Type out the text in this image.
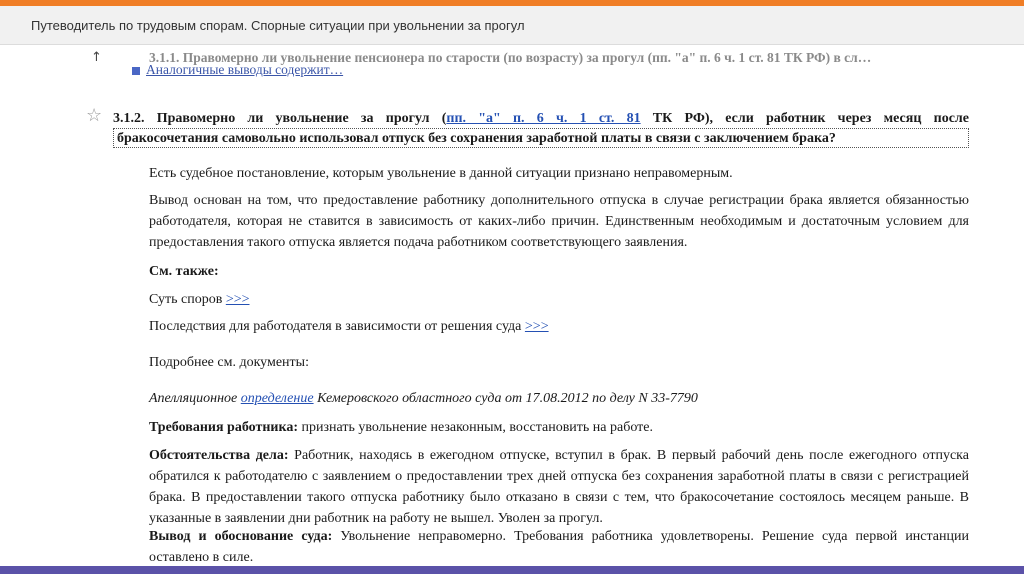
Путеводитель по трудовым спорам. Спорные ситуации при увольнении за прогул
↑	3.1.1. Правомерно ли увольнение пенсионера по старости (по возрасту) за прогул (пп. "а" п. 6 ч. 1 ст. 81 ТК РФ) в сл…
Аналогичные выводы содержит…
☆ 3.1.2. Правомерно ли увольнение за прогул (пп. "а" п. 6 ч. 1 ст. 81 ТК РФ), если работник через месяц после
бракосочетания самовольно использовал отпуск без сохранения заработной платы в связи с заключением брака?
Есть судебное постановление, которым увольнение в данной ситуации признано неправомерным.
Вывод основан на том, что предоставление работнику дополнительного отпуска в случае регистрации брака является обязанностью работодателя, которая не ставится в зависимость от каких-либо причин. Единственным необходимым и достаточным условием для предоставления такого отпуска является подача работником соответствующего заявления.
См. также:
Суть споров >>>
Последствия для работодателя в зависимости от решения суда >>>
Подробнее см. документы:
Апелляционное определение Кемеровского областного суда от 17.08.2012 по делу N 33-7790
Требования работника: признать увольнение незаконным, восстановить на работе.
Обстоятельства дела: Работник, находясь в ежегодном отпуске, вступил в брак. В первый рабочий день после ежегодного отпуска обратился к работодателю с заявлением о предоставлении трех дней отпуска без сохранения заработной платы в связи с регистрацией брака. В предоставлении такого отпуска работнику было отказано в связи с тем, что бракосочетание состоялось месяцем раньше. В указанные в заявлении дни работник на работу не вышел. Уволен за прогул.
Вывод и обоснование суда: Увольнение неправомерно. Требования работника удовлетворены. Решение суда первой инстанции оставлено в силе.
